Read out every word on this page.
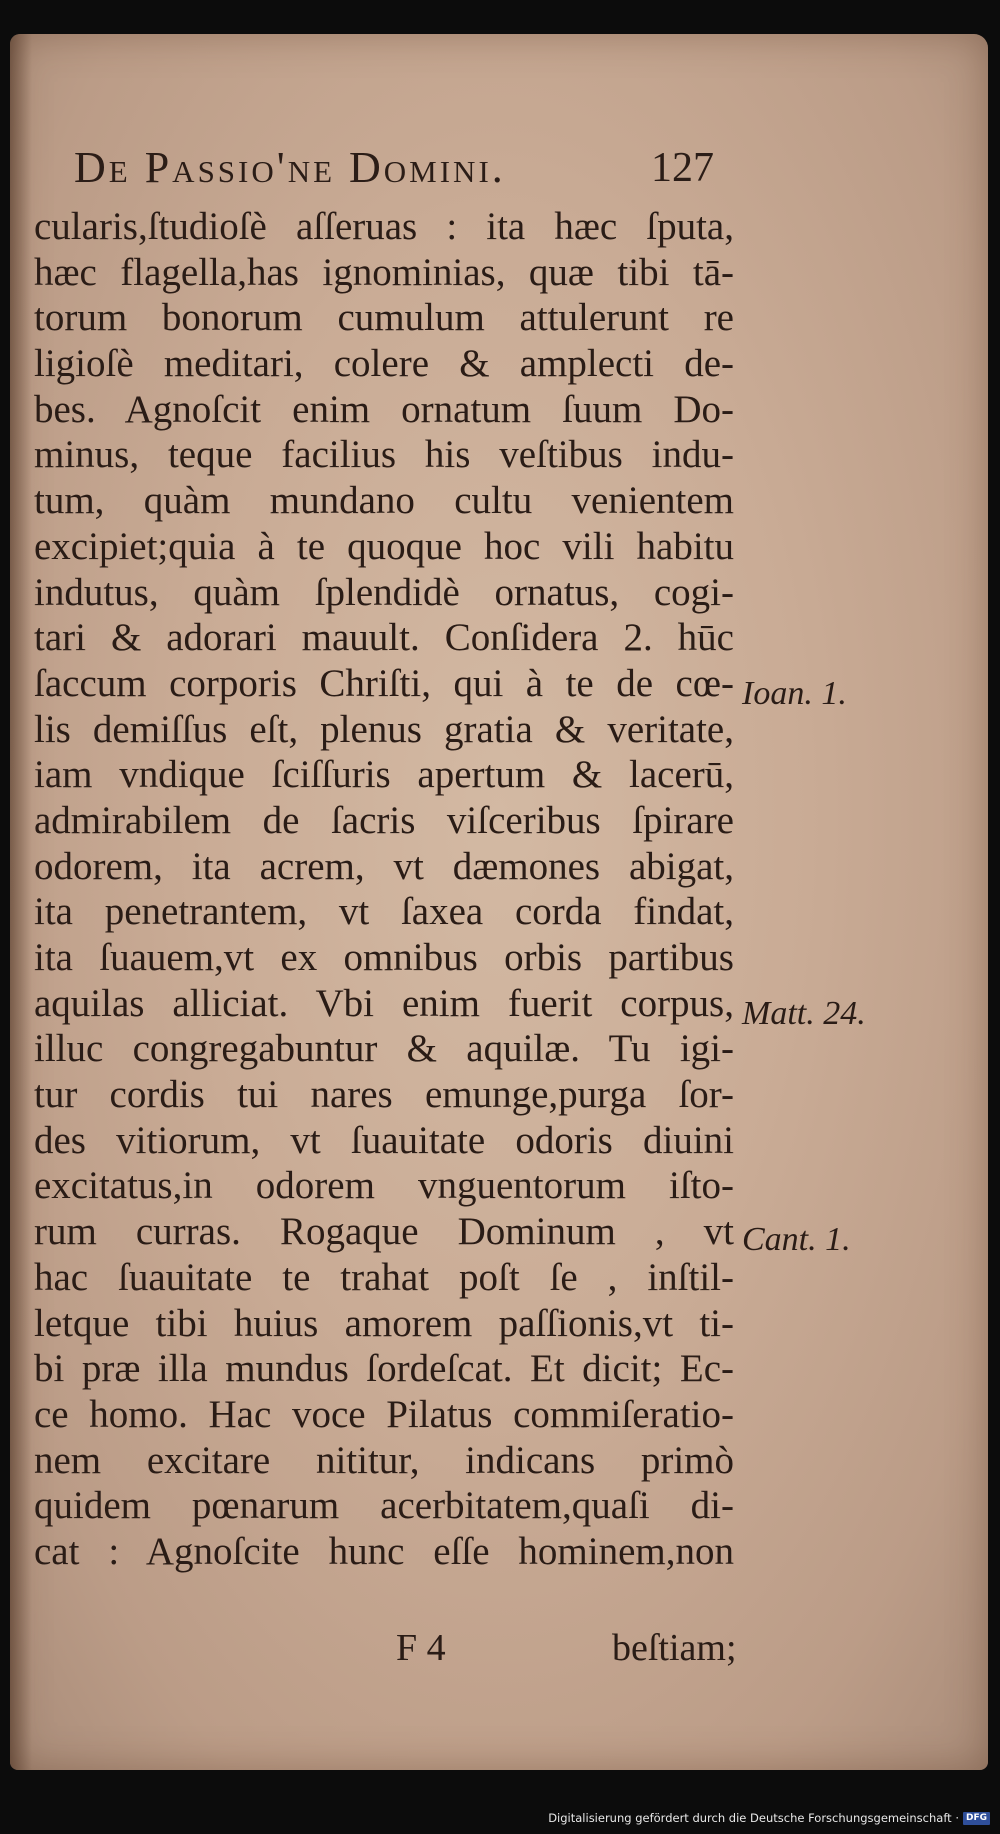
De Passio'ne Domini.	127
cularis,ſtudioſè aſſeruas : ita hæc ſputa,
hæc flagella,has ignominias, quæ tibi tā-
torum bonorum cumulum attulerunt re
ligioſè meditari, colere & amplecti de-
bes. Agnoſcit enim ornatum ſuum Do-
minus, teque facilius his veſtibus indu-
tum, quàm mundano cultu venientem
excipiet;quia à te quoque hoc vili habitu
indutus, quàm ſplendidè ornatus, cogi-
tari & adorari mauult. Conſidera 2. hūc
ſaccum corporis Chriſti, qui à te de cœ-
lis demiſſus eſt, plenus gratia & veritate,
iam vndique ſciſſuris apertum & lacerū,
admirabilem de ſacris viſceribus ſpirare
odorem, ita acrem, vt dæmones abigat,
ita penetrantem, vt ſaxea corda findat,
ita ſuauem,vt ex omnibus orbis partibus
aquilas alliciat. Vbi enim fuerit corpus,
illuc congregabuntur & aquilæ. Tu igi-
tur cordis tui nares emunge,purga ſor-
des vitiorum, vt ſuauitate odoris diuini
excitatus,in odorem vnguentorum iſto-
rum curras. Rogaque Dominum , vt
hac ſuauitate te trahat poſt ſe , inſtil-
letque tibi huius amorem paſſionis,vt ti-
bi præ illa mundus ſordeſcat. Et dicit; Ec-
ce homo. Hac voce Pilatus commiſeratio-
nem excitare nititur, indicans primò
quidem pœnarum acerbitatem,quaſi di-
cat : Agnoſcite hunc eſſe hominem,non
Ioan. 1.
Matt. 24.
Cant. 1.
F 4	beſtiam;
Digitalisierung gefördert durch die Deutsche Forschungsgemeinschaft · DFG
